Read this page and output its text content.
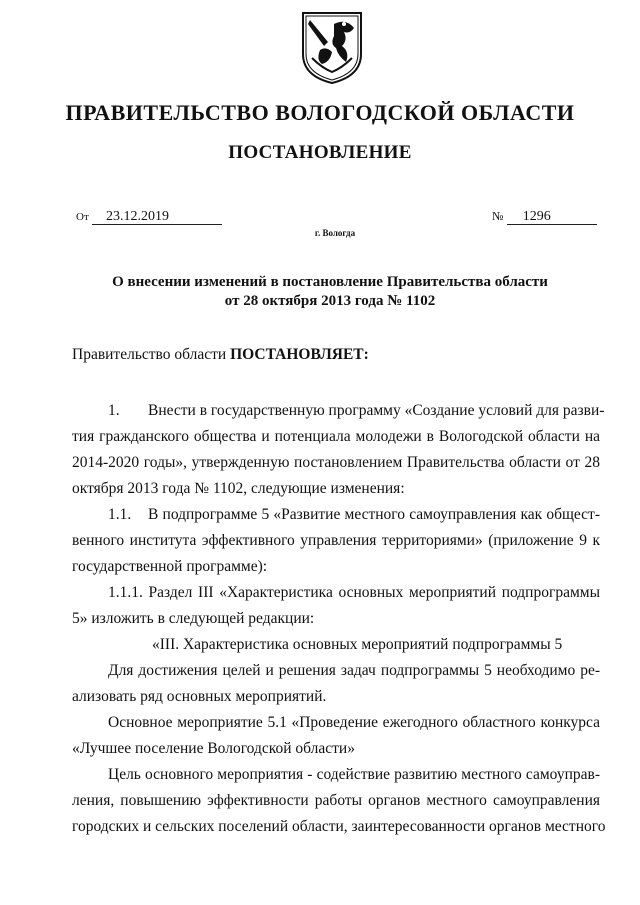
ПРАВИТЕЛЬСТВО ВОЛОГОДСКОЙ ОБЛАСТИ
ПОСТАНОВЛЕНИЕ
От 23.12.2019	№ 1296
г. Вологда
О внесении изменений в постановление Правительства области
от 28 октября 2013 года № 1102
Правительство области ПОСТАНОВЛЯЕТ:

1. Внести в государственную программу «Создание условий для разви-
тия гражданского общества и потенциала молодежи в Вологодской области на
2014-2020 годы», утвержденную постановлением Правительства области от 28
октября 2013 года № 1102, следующие изменения:

1.1. В подпрограмме 5 «Развитие местного самоуправления как общест-
венного института эффективного управления территориями» (приложение 9 к
государственной программе):

1.1.1. Раздел III «Характеристика основных мероприятий подпрограммы
5» изложить в следующей редакции:

«III. Характеристика основных мероприятий подпрограммы 5

Для достижения целей и решения задач подпрограммы 5 необходимо ре-
ализовать ряд основных мероприятий.

Основное мероприятие 5.1 «Проведение ежегодного областного конкурса
«Лучшее поселение Вологодской области»

Цель основного мероприятия - содействие развитию местного самоуправ-
ления, повышению эффективности работы органов местного самоуправления
городских и сельских поселений области, заинтересованности органов местного
